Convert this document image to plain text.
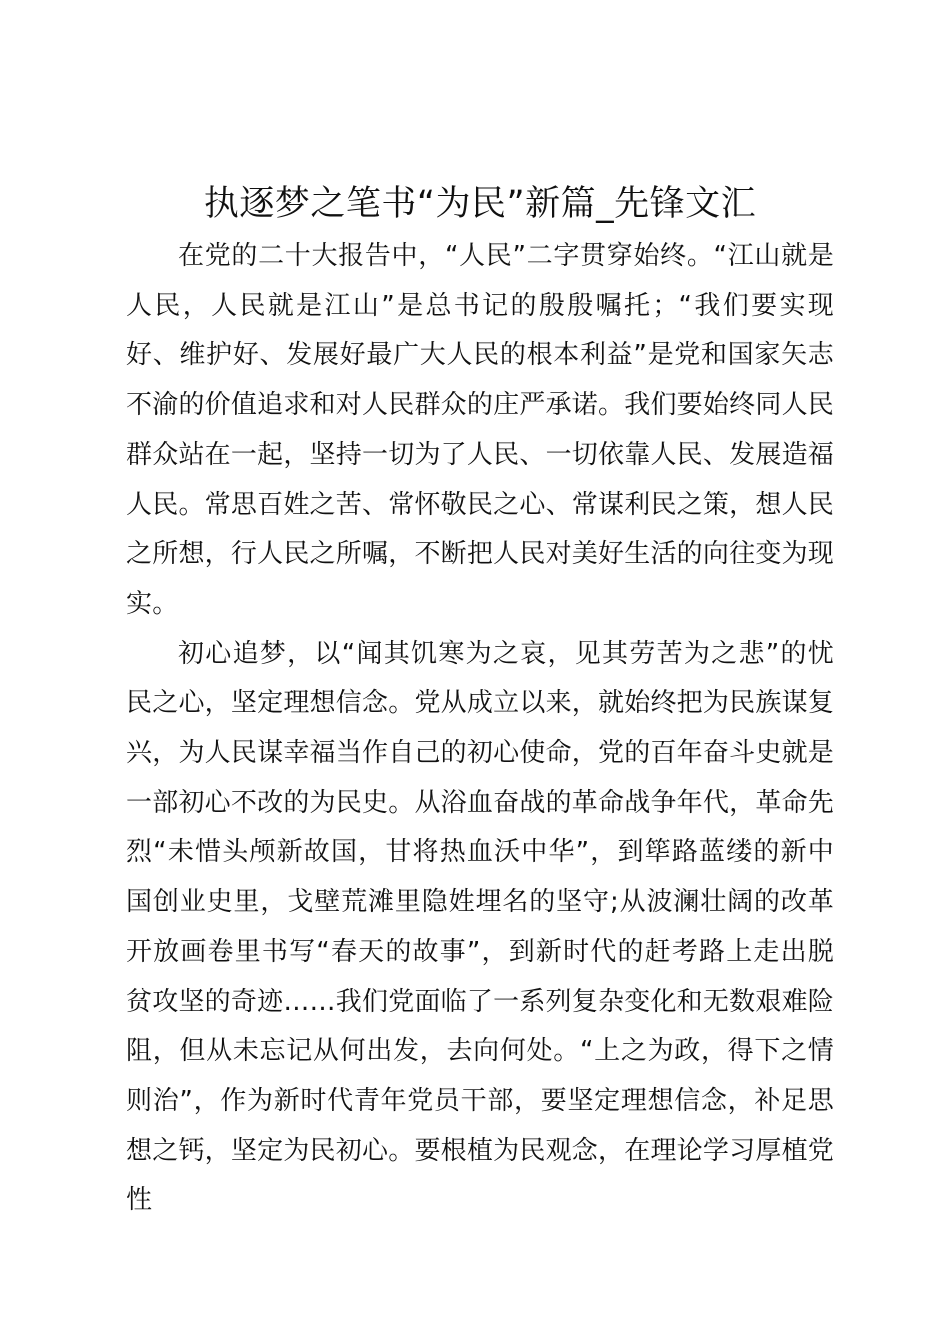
执逐梦之笔书“为民”新篇_先锋文汇

在党的二十大报告中，“人民”二字贯穿始终。“江山就是人民，人民就是江山”是总书记的殷殷嘱托；“我们要实现好、维护好、发展好最广大人民的根本利益”是党和国家矢志不渝的价值追求和对人民群众的庄严承诺。我们要始终同人民群众站在一起，坚持一切为了人民、一切依靠人民、发展造福人民。常思百姓之苦、常怀敬民之心、常谋利民之策，想人民之所想，行人民之所嘱，不断把人民对美好生活的向往变为现实。

初心追梦，以“闻其饥寒为之哀，见其劳苦为之悲”的忧民之心，坚定理想信念。党从成立以来，就始终把为民族谋复兴，为人民谋幸福当作自己的初心使命，党的百年奋斗史就是一部初心不改的为民史。从浴血奋战的革命战争年代，革命先烈“未惜头颅新故国，甘将热血沃中华”，到筚路蓝缕的新中国创业史里，戈壁荒滩里隐姓埋名的坚守;从波澜壮阔的改革开放画卷里书写“春天的故事”，到新时代的赶考路上走出脱贫攻坚的奇迹……我们党面临了一系列复杂变化和无数艰难险阻，但从未忘记从何出发，去向何处。“上之为政，得下之情则治”，作为新时代青年党员干部，要坚定理想信念，补足思想之钙，坚定为民初心。要根植为民观念，在理论学习厚植党性
